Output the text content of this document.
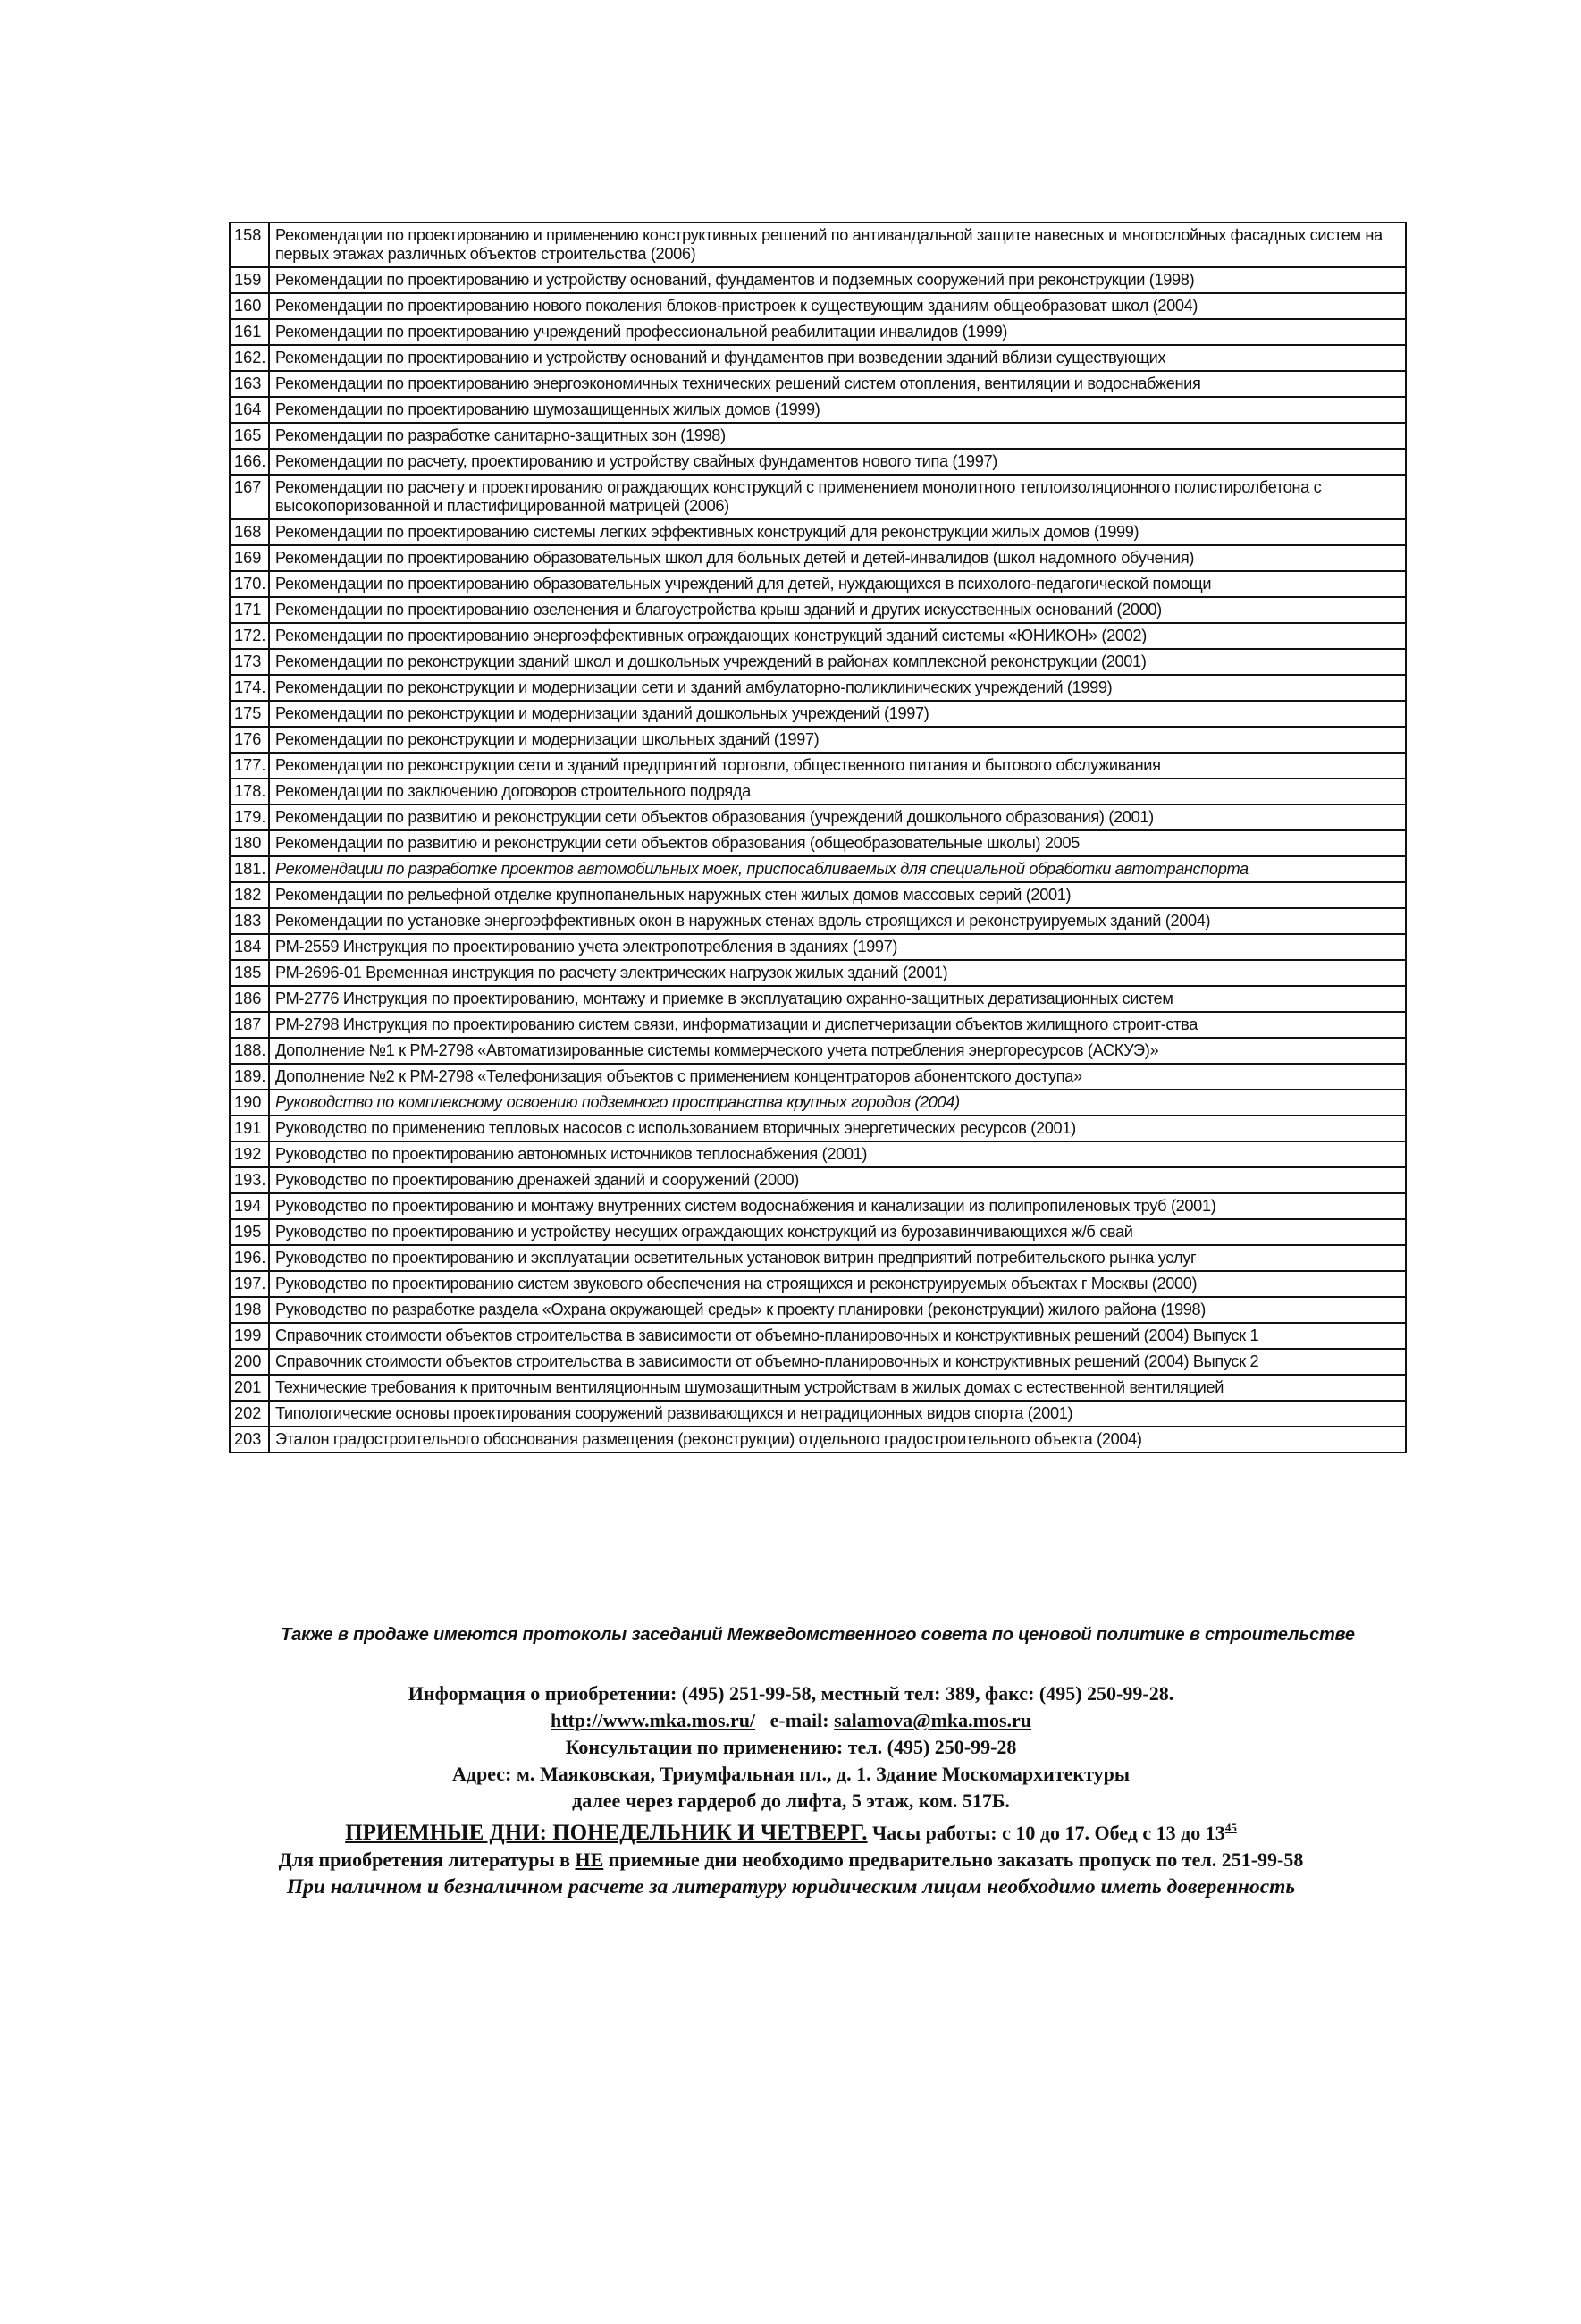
158	Рекомендации по проектированию и применению конструктивных решений по антивандальной защите навесных и многослойных фасадных систем на первых этажах различных объектов строительства (2006)
159	Рекомендации по проектированию и устройству оснований, фундаментов и подземных сооружений при реконструкции (1998)
160	Рекомендации по проектированию нового поколения блоков-пристроек к существующим зданиям общеобразоват школ (2004)
161	Рекомендации по проектированию учреждений профессиональной реабилитации инвалидов (1999)
162.	Рекомендации по проектированию и устройству оснований и фундаментов при возведении зданий вблизи существующих
163	Рекомендации по проектированию энергоэкономичных технических решений систем отопления, вентиляции и водоснабжения
164	Рекомендации по проектированию шумозащищенных жилых домов (1999)
165	Рекомендации по разработке санитарно-защитных зон (1998)
166.	Рекомендации по расчету, проектированию и устройству свайных фундаментов нового типа (1997)
167	Рекомендации по расчету и проектированию ограждающих конструкций с применением монолитного теплоизоляционного полистиролбетона с высокопоризованной и пластифицированной матрицей (2006)
168	Рекомендации по проектированию системы легких эффективных конструкций для реконструкции жилых домов (1999)
169	Рекомендации по проектированию образовательных школ для больных детей и детей-инвалидов (школ надомного обучения)
170.	Рекомендации по проектированию образовательных учреждений для детей, нуждающихся в психолого-педагогической помощи
171	Рекомендации по проектированию озеленения и благоустройства крыш зданий и других искусственных оснований (2000)
172.	Рекомендации по проектированию энергоэффективных ограждающих конструкций зданий системы «ЮНИКОН» (2002)
173	Рекомендации по реконструкции зданий школ и дошкольных учреждений в районах комплексной реконструкции (2001)
174.	Рекомендации по реконструкции и модернизации сети и зданий амбулаторно-поликлинических учреждений (1999)
175	Рекомендации по реконструкции и модернизации зданий дошкольных учреждений (1997)
176	Рекомендации по реконструкции и модернизации школьных зданий (1997)
177.	Рекомендации по реконструкции сети и зданий предприятий торговли, общественного питания и бытового обслуживания
178.	Рекомендации по заключению договоров строительного подряда
179.	Рекомендации по развитию и реконструкции сети объектов образования (учреждений дошкольного образования) (2001)
180	Рекомендации по развитию и реконструкции сети объектов образования (общеобразовательные школы) 2005
181.	Рекомендации по разработке проектов автомобильных моек, приспосабливаемых для специальной обработки автотранспорта
182	Рекомендации по рельефной отделке крупнопанельных наружных стен жилых домов массовых серий (2001)
183	Рекомендации по установке энергоэффективных окон в наружных стенах вдоль строящихся и реконструируемых зданий (2004)
184	РМ-2559 Инструкция по проектированию учета электропотребления в зданиях (1997)
185	РМ-2696-01 Временная инструкция по расчету электрических нагрузок жилых зданий (2001)
186	РМ-2776 Инструкция по проектированию, монтажу и приемке в эксплуатацию охранно-защитных дератизационных систем
187	РМ-2798 Инструкция по проектированию систем связи, информатизации и диспетчеризации объектов жилищного строит-ства
188.	Дополнение №1 к РМ-2798 «Автоматизированные системы коммерческого учета потребления энергоресурсов (АСКУЭ)»
189.	Дополнение №2 к РМ-2798 «Телефонизация объектов с применением концентраторов абонентского доступа»
190	Руководство по комплексному освоению подземного пространства крупных городов (2004)
191	Руководство по применению тепловых насосов с использованием вторичных энергетических ресурсов (2001)
192	Руководство по проектированию автономных источников теплоснабжения (2001)
193.	Руководство по проектированию дренажей зданий и сооружений (2000)
194	Руководство по проектированию и монтажу внутренних систем водоснабжения и канализации из полипропиленовых труб (2001)
195	Руководство по проектированию и устройству несущих ограждающих конструкций из бурозавинчивающихся ж/б свай
196.	Руководство по проектированию и эксплуатации осветительных установок витрин предприятий потребительского рынка услуг
197.	Руководство по проектированию систем звукового обеспечения на строящихся и реконструируемых объектах г Москвы (2000)
198	Руководство по разработке раздела «Охрана окружающей среды» к проекту планировки (реконструкции) жилого района (1998)
199	Справочник стоимости объектов строительства в зависимости от объемно-планировочных и конструктивных решений (2004) Выпуск 1
200	Справочник стоимости объектов строительства в зависимости от объемно-планировочных и конструктивных решений (2004) Выпуск 2
201	Технические требования к приточным вентиляционным шумозащитным устройствам в жилых домах с естественной вентиляцией
202	Типологические основы проектирования сооружений развивающихся и нетрадиционных видов спорта (2001)
203	Эталон градостроительного обоснования размещения (реконструкции) отдельного градостроительного объекта (2004)
Также в продаже имеются протоколы заседаний Межведомственного совета по ценовой политике в строительстве
Информация о приобретении: (495) 251-99-58, местный тел: 389, факс: (495) 250-99-28.
http://www.mka.mos.ru/ e-mail: salamova@mka.mos.ru
Консультации по применению: тел. (495) 250-99-28
Адрес: м. Маяковская, Триумфальная пл., д. 1. Здание Москомархитектуры
далее через гардероб до лифта, 5 этаж, ком. 517Б.
ПРИЕМНЫЕ ДНИ: ПОНЕДЕЛЬНИК И ЧЕТВЕРГ. Часы работы: с 10 до 17. Обед с 13 до $13^{45}$
Для приобретения литературы в НЕ приемные дни необходимо предварительно заказать пропуск по тел. 251-99-58
При наличном и безналичном расчете за литературу юридическим лицам необходимо иметь доверенность
